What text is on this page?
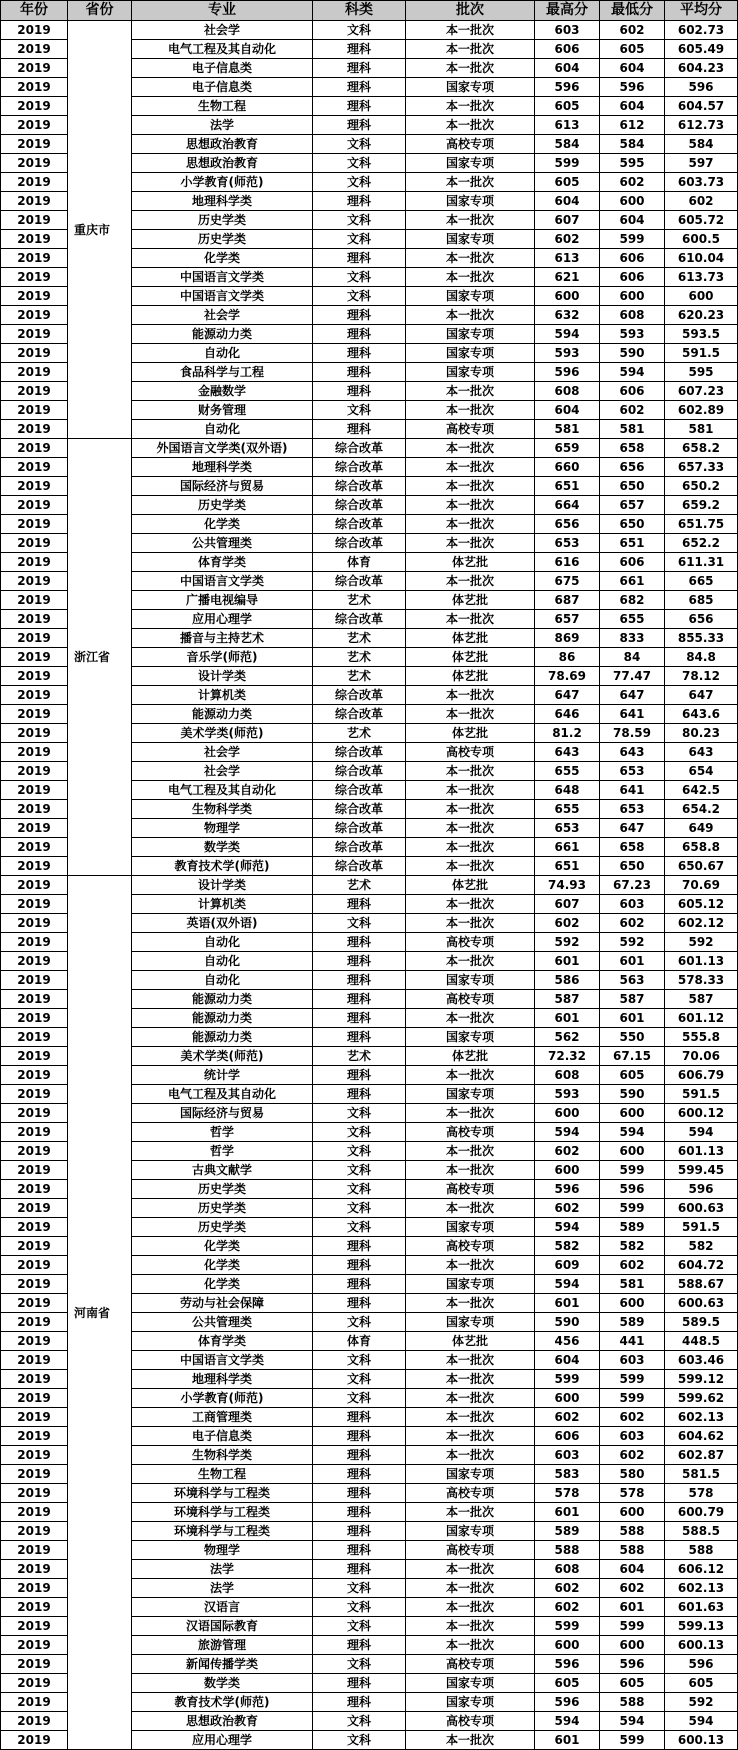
年份	省份	专业	科类	批次	最高分	最低分	平均分
2019	重庆市	社会学	文科	本一批次	603	602	602.73
2019		电气工程及其自动化	理科	本一批次	606	605	605.49
2019		电子信息类	理科	本一批次	604	604	604.23
2019		电子信息类	理科	国家专项	596	596	596
2019		生物工程	理科	本一批次	605	604	604.57
2019		法学	理科	本一批次	613	612	612.73
2019		思想政治教育	文科	高校专项	584	584	584
2019		思想政治教育	文科	国家专项	599	595	597
2019		小学教育(师范)	文科	本一批次	605	602	603.73
2019		地理科学类	理科	国家专项	604	600	602
2019		历史学类	文科	本一批次	607	604	605.72
2019		历史学类	文科	国家专项	602	599	600.5
2019		化学类	理科	本一批次	613	606	610.04
2019		中国语言文学类	文科	本一批次	621	606	613.73
2019		中国语言文学类	文科	国家专项	600	600	600
2019		社会学	理科	本一批次	632	608	620.23
2019		能源动力类	理科	国家专项	594	593	593.5
2019		自动化	理科	国家专项	593	590	591.5
2019		食品科学与工程	理科	国家专项	596	594	595
2019		金融数学	理科	本一批次	608	606	607.23
2019		财务管理	文科	本一批次	604	602	602.89
2019		自动化	理科	高校专项	581	581	581
2019	浙江省	外国语言文学类(双外语)	综合改革	本一批次	659	658	658.2
2019		地理科学类	综合改革	本一批次	660	656	657.33
2019		国际经济与贸易	综合改革	本一批次	651	650	650.2
2019		历史学类	综合改革	本一批次	664	657	659.2
2019		化学类	综合改革	本一批次	656	650	651.75
2019		公共管理类	综合改革	本一批次	653	651	652.2
2019		体育学类	体育	体艺批	616	606	611.31
2019		中国语言文学类	综合改革	本一批次	675	661	665
2019		广播电视编导	艺术	体艺批	687	682	685
2019		应用心理学	综合改革	本一批次	657	655	656
2019		播音与主持艺术	艺术	体艺批	869	833	855.33
2019		音乐学(师范)	艺术	体艺批	86	84	84.8
2019		设计学类	艺术	体艺批	78.69	77.47	78.12
2019		计算机类	综合改革	本一批次	647	647	647
2019		能源动力类	综合改革	本一批次	646	641	643.6
2019		美术学类(师范)	艺术	体艺批	81.2	78.59	80.23
2019		社会学	综合改革	高校专项	643	643	643
2019		社会学	综合改革	本一批次	655	653	654
2019		电气工程及其自动化	综合改革	本一批次	648	641	642.5
2019		生物科学类	综合改革	本一批次	655	653	654.2
2019		物理学	综合改革	本一批次	653	647	649
2019		数学类	综合改革	本一批次	661	658	658.8
2019		教育技术学(师范)	综合改革	本一批次	651	650	650.67
2019	河南省	设计学类	艺术	体艺批	74.93	67.23	70.69
2019		计算机类	理科	本一批次	607	603	605.12
2019		英语(双外语)	文科	本一批次	602	602	602.12
2019		自动化	理科	高校专项	592	592	592
2019		自动化	理科	本一批次	601	601	601.13
2019		自动化	理科	国家专项	586	563	578.33
2019		能源动力类	理科	高校专项	587	587	587
2019		能源动力类	理科	本一批次	601	601	601.12
2019		能源动力类	理科	国家专项	562	550	555.8
2019		美术学类(师范)	艺术	体艺批	72.32	67.15	70.06
2019		统计学	理科	本一批次	608	605	606.79
2019		电气工程及其自动化	理科	国家专项	593	590	591.5
2019		国际经济与贸易	文科	本一批次	600	600	600.12
2019		哲学	文科	高校专项	594	594	594
2019		哲学	文科	本一批次	602	600	601.13
2019		古典文献学	文科	本一批次	600	599	599.45
2019		历史学类	文科	高校专项	596	596	596
2019		历史学类	文科	本一批次	602	599	600.63
2019		历史学类	文科	国家专项	594	589	591.5
2019		化学类	理科	高校专项	582	582	582
2019		化学类	理科	本一批次	609	602	604.72
2019		化学类	理科	国家专项	594	581	588.67
2019		劳动与社会保障	理科	本一批次	601	600	600.63
2019		公共管理类	文科	国家专项	590	589	589.5
2019		体育学类	体育	体艺批	456	441	448.5
2019		中国语言文学类	文科	本一批次	604	603	603.46
2019		地理科学类	文科	本一批次	599	599	599.12
2019		小学教育(师范)	文科	本一批次	600	599	599.62
2019		工商管理类	理科	本一批次	602	602	602.13
2019		电子信息类	理科	本一批次	606	603	604.62
2019		生物科学类	理科	本一批次	603	602	602.87
2019		生物工程	理科	国家专项	583	580	581.5
2019		环境科学与工程类	理科	高校专项	578	578	578
2019		环境科学与工程类	理科	本一批次	601	600	600.79
2019		环境科学与工程类	理科	国家专项	589	588	588.5
2019		物理学	理科	高校专项	588	588	588
2019		法学	理科	本一批次	608	604	606.12
2019		法学	文科	本一批次	602	602	602.13
2019		汉语言	文科	本一批次	602	601	601.63
2019		汉语国际教育	文科	本一批次	599	599	599.13
2019		旅游管理	理科	本一批次	600	600	600.13
2019		新闻传播学类	文科	高校专项	596	596	596
2019		数学类	理科	国家专项	605	605	605
2019		教育技术学(师范)	理科	国家专项	596	588	592
2019		思想政治教育	文科	高校专项	594	594	594
2019		应用心理学	文科	本一批次	601	599	600.13
